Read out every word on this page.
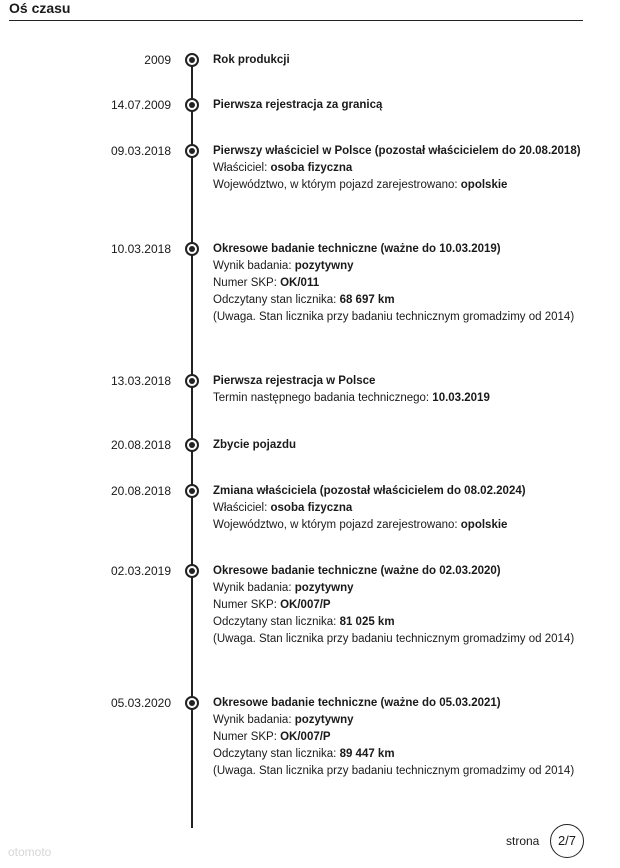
Oś czasu
2009	Rok produkcji
14.07.2009	Pierwsza rejestracja za granicą
09.03.2018	Pierwszy właściciel w Polsce (pozostał właścicielem do 20.08.2018)
Właściciel: osoba fizyczna
Województwo, w którym pojazd zarejestrowano: opolskie
10.03.2018	Okresowe badanie techniczne (ważne do 10.03.2019)
Wynik badania: pozytywny
Numer SKP: OK/011
Odczytany stan licznika: 68 697 km
(Uwaga. Stan licznika przy badaniu technicznym gromadzimy od 2014)
13.03.2018	Pierwsza rejestracja w Polsce
Termin następnego badania technicznego: 10.03.2019
20.08.2018	Zbycie pojazdu
20.08.2018	Zmiana właściciela (pozostał właścicielem do 08.02.2024)
Właściciel: osoba fizyczna
Województwo, w którym pojazd zarejestrowano: opolskie
02.03.2019	Okresowe badanie techniczne (ważne do 02.03.2020)
Wynik badania: pozytywny
Numer SKP: OK/007/P
Odczytany stan licznika: 81 025 km
(Uwaga. Stan licznika przy badaniu technicznym gromadzimy od 2014)
05.03.2020	Okresowe badanie techniczne (ważne do 05.03.2021)
Wynik badania: pozytywny
Numer SKP: OK/007/P
Odczytany stan licznika: 89 447 km
(Uwaga. Stan licznika przy badaniu technicznym gromadzimy od 2014)
strona	2/7
otomoto
